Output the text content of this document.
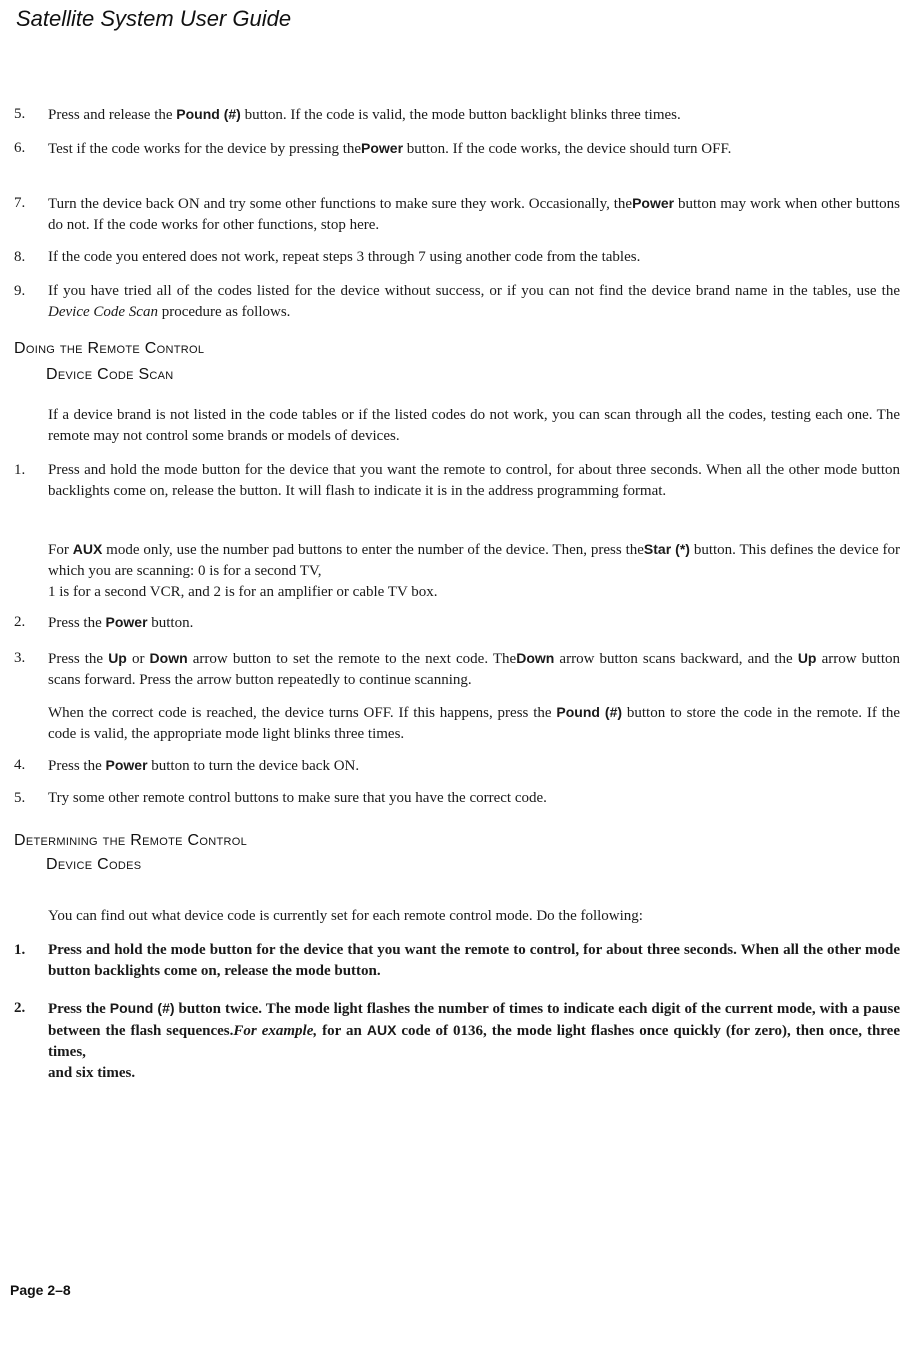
Satellite System User Guide
5. Press and release the Pound (#) button. If the code is valid, the mode button backlight blinks three times.
6. Test if the code works for the device by pressing thePower button. If the code works, the device should turn OFF.
7. Turn the device back ON and try some other functions to make sure they work. Occasionally, thePower button may work when other buttons do not. If the code works for other functions, stop here.
8. If the code you entered does not work, repeat steps 3 through 7 using another code from the tables.
9. If you have tried all of the codes listed for the device without success, or if you can not find the device brand name in the tables, use the Device Code Scan procedure as follows.
Doing the Remote Control
Device Code Scan
If a device brand is not listed in the code tables or if the listed codes do not work, you can scan through all the codes, testing each one. The remote may not control some brands or models of devices.
1. Press and hold the mode button for the device that you want the remote to control, for about three seconds. When all the other mode button backlights come on, release the button. It will flash to indicate it is in the address programming format.
For AUX mode only, use the number pad buttons to enter the number of the device. Then, press theStar (*) button. This defines the device for which you are scanning: 0 is for a second TV,
1 is for a second VCR, and 2 is for an amplifier or cable TV box.
2. Press the Power button.
3. Press the Up or Down arrow button to set the remote to the next code. TheDown arrow button scans backward, and the Up arrow button scans forward. Press the arrow button repeatedly to continue scanning.
When the correct code is reached, the device turns OFF. If this happens, press the Pound (#) button to store the code in the remote. If the code is valid, the appropriate mode light blinks three times.
4. Press the Power button to turn the device back ON.
5. Try some other remote control buttons to make sure that you have the correct code.
Determining the Remote Control
Device Codes
You can find out what device code is currently set for each remote control mode. Do the following:
1. Press and hold the mode button for the device that you want the remote to control, for about three seconds. When all the other mode button backlights come on, release the mode button.
2. Press the Pound (#) button twice. The mode light flashes the number of times to indicate each digit of the current mode, with a pause between the flash sequences.For example, for an AUX code of 0136, the mode light flashes once quickly (for zero), then once, three times,
and six times.
Page 2–8
